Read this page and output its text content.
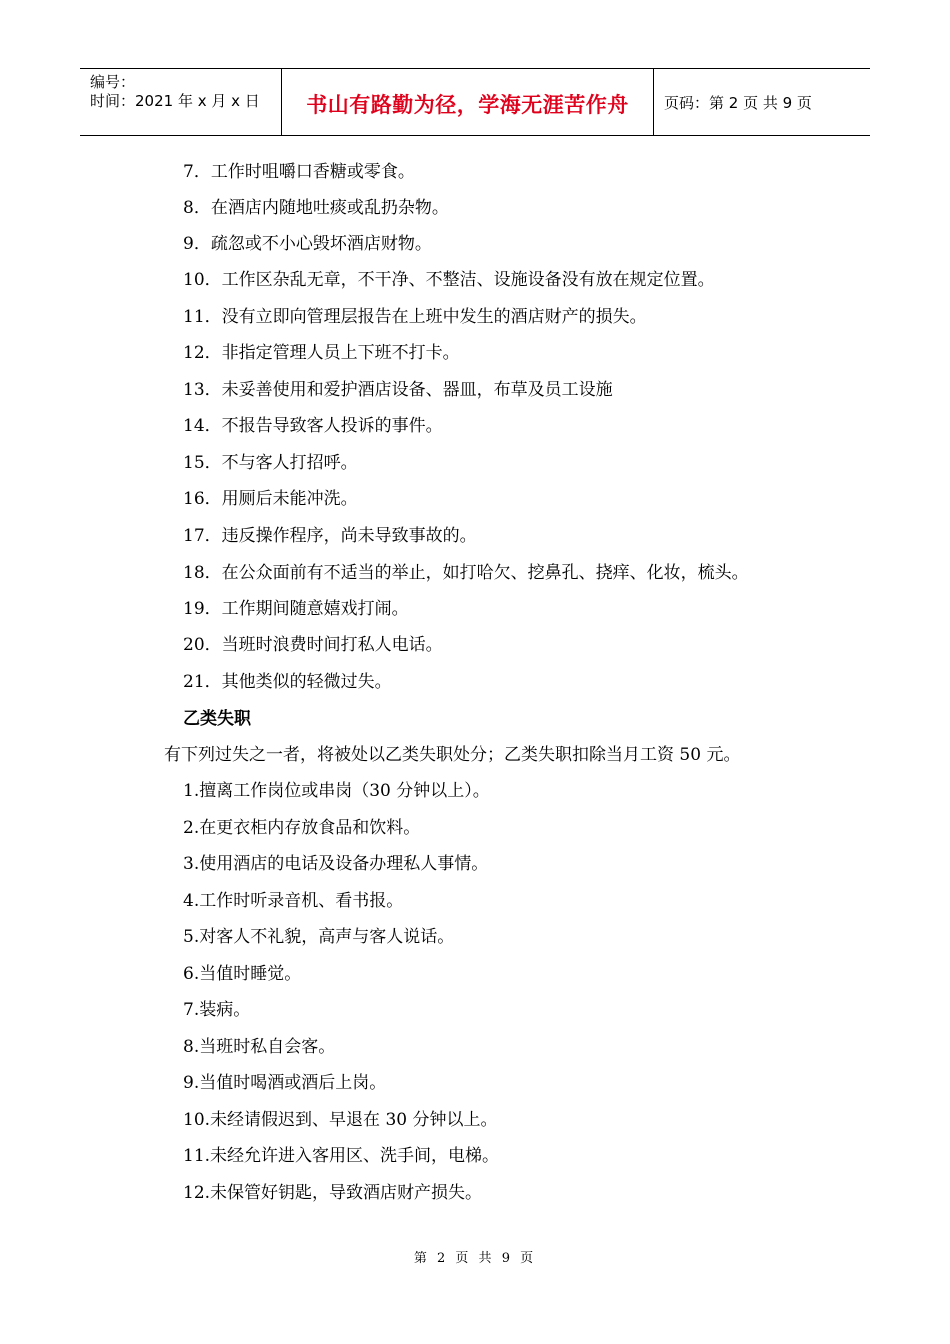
编号：
时间：2021 年 x 月 x 日	书山有路勤为径，学海无涯苦作舟	页码：第 2 页 共 9 页
7．工作时咀嚼口香糖或零食。
8．在酒店内随地吐痰或乱扔杂物。
9．疏忽或不小心毁坏酒店财物。
10．工作区杂乱无章，不干净、不整洁、设施设备没有放在规定位置。
11．没有立即向管理层报告在上班中发生的酒店财产的损失。
12．非指定管理人员上下班不打卡。
13．未妥善使用和爱护酒店设备、器皿，布草及员工设施
14．不报告导致客人投诉的事件。
15．不与客人打招呼。
16．用厕后未能冲洗。
17．违反操作程序，尚未导致事故的。
18．在公众面前有不适当的举止，如打哈欠、挖鼻孔、挠痒、化妆，梳头。
19．工作期间随意嬉戏打闹。
20．当班时浪费时间打私人电话。
21．其他类似的轻微过失。
乙类失职
有下列过失之一者，将被处以乙类失职处分；乙类失职扣除当月工资 50 元。
1.擅离工作岗位或串岗（30 分钟以上）。
2.在更衣柜内存放食品和饮料。
3.使用酒店的电话及设备办理私人事情。
4.工作时听录音机、看书报。
5.对客人不礼貌，高声与客人说话。
6.当值时睡觉。
7.装病。
8.当班时私自会客。
9.当值时喝酒或酒后上岗。
10.未经请假迟到、早退在 30 分钟以上。
11.未经允许进入客用区、洗手间，电梯。
12.未保管好钥匙，导致酒店财产损失。
第 2 页 共 9 页
